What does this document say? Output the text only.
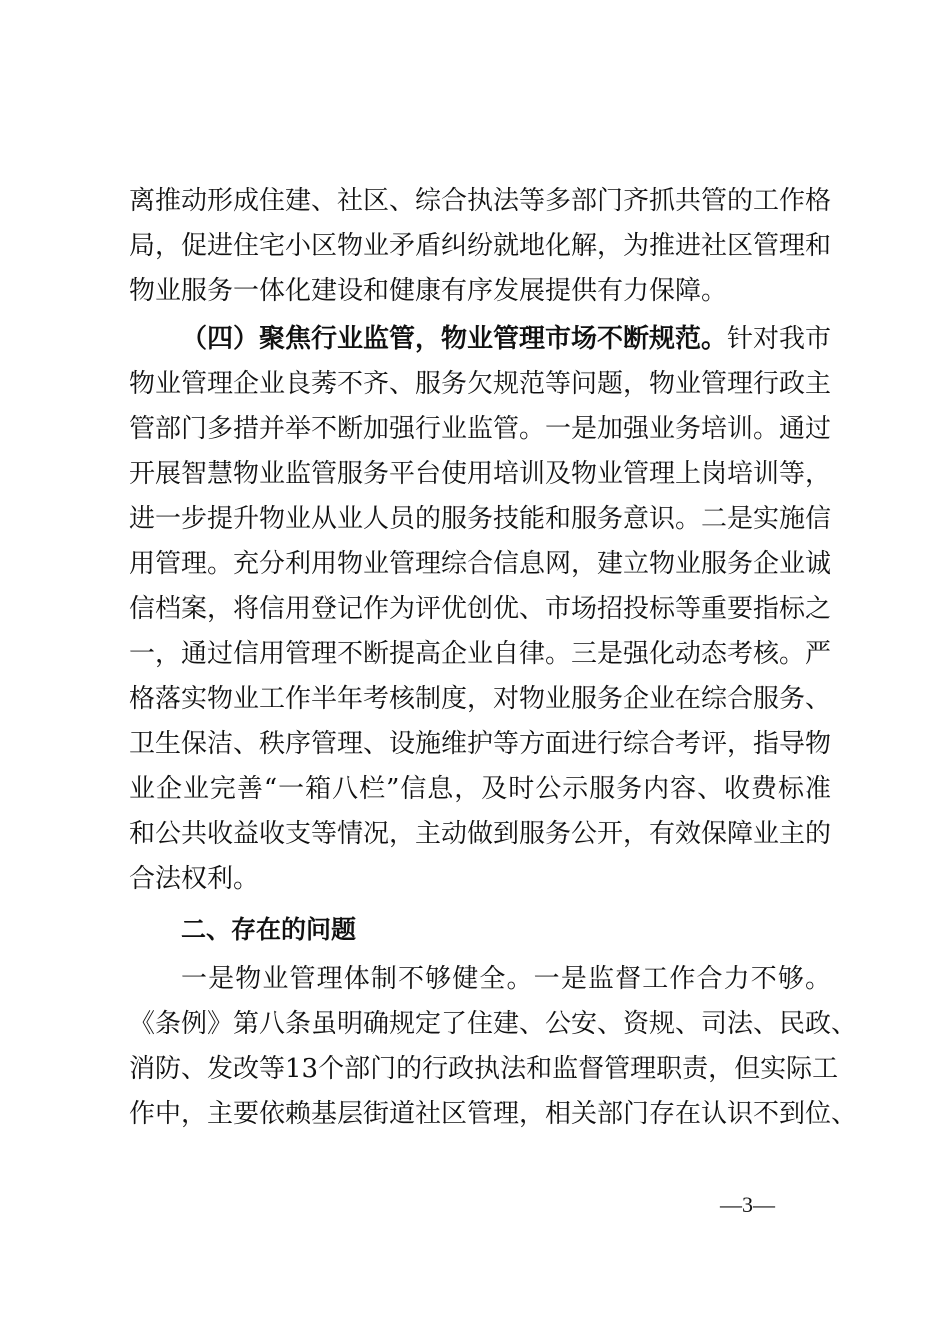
离推动形成住建、社区、综合执法等多部门齐抓共管的工作格
局，促进住宅小区物业矛盾纠纷就地化解，为推进社区管理和
物业服务一体化建设和健康有序发展提供有力保障。
（四）聚焦行业监管，物业管理市场不断规范。针对我市
物业管理企业良莠不齐、服务欠规范等问题，物业管理行政主
管部门多措并举不断加强行业监管。一是加强业务培训。通过
开展智慧物业监管服务平台使用培训及物业管理上岗培训等，
进一步提升物业从业人员的服务技能和服务意识。二是实施信
用管理。充分利用物业管理综合信息网，建立物业服务企业诚
信档案，将信用登记作为评优创优、市场招投标等重要指标之
一，通过信用管理不断提高企业自律。三是强化动态考核。严
格落实物业工作半年考核制度，对物业服务企业在综合服务、
卫生保洁、秩序管理、设施维护等方面进行综合考评，指导物
业企业完善“一箱八栏”信息，及时公示服务内容、收费标准
和公共收益收支等情况，主动做到服务公开，有效保障业主的
合法权利。
二、存在的问题
一是物业管理体制不够健全。一是监督工作合力不够。
《条例》第八条虽明确规定了住建、公安、资规、司法、民政、
消防、发改等13个部门的行政执法和监督管理职责，但实际工
作中，主要依赖基层街道社区管理，相关部门存在认识不到位、
—3—
